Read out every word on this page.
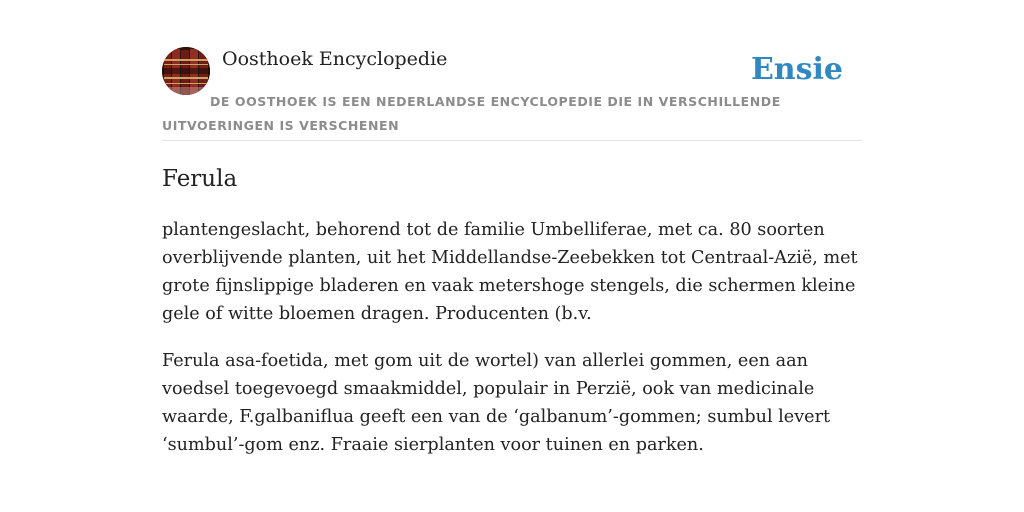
Oosthoek Encyclopedie	Ensie
DE OOSTHOEK IS EEN NEDERLANDSE ENCYCLOPEDIE DIE IN VERSCHILLENDE UITVOERINGEN IS VERSCHENEN
Ferula

plantengeslacht, behorend tot de familie Umbelliferae, met ca. 80 soorten overblijvende planten, uit het Middellandse-Zeebekken tot Centraal-Azië, met grote fijnslippige bladeren en vaak metershoge stengels, die schermen kleine gele of witte bloemen dragen. Producenten (b.v.

Ferula asa-foetida, met gom uit de wortel) van allerlei gommen, een aan voedsel toegevoegd smaakmiddel, populair in Perzië, ook van medicinale waarde, F.galbaniflua geeft een van de ‘galbanum’-gommen; sumbul levert ‘sumbul’-gom enz. Fraaie sierplanten voor tuinen en parken.
